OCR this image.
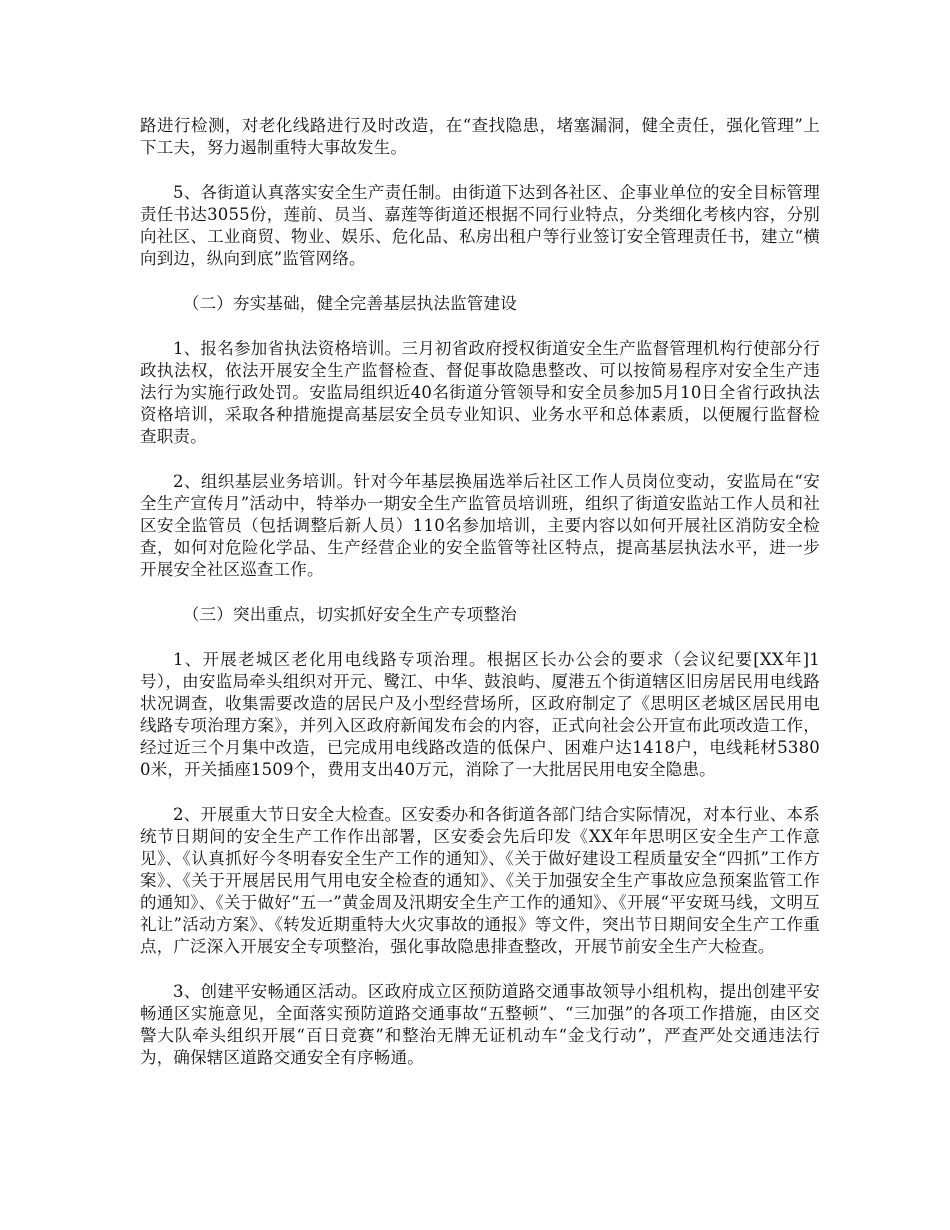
路进行检测，对老化线路进行及时改造，在“查找隐患，堵塞漏洞，健全责任，强化管理”上下工夫，努力遏制重特大事故发生。

5、各街道认真落实安全生产责任制。由街道下达到各社区、企事业单位的安全目标管理责任书达3055份，莲前、员当、嘉莲等街道还根据不同行业特点，分类细化考核内容，分别向社区、工业商贸、物业、娱乐、危化品、私房出租户等行业签订安全管理责任书，建立“横向到边，纵向到底”监管网络。

（二）夯实基础，健全完善基层执法监管建设

1、报名参加省执法资格培训。三月初省政府授权街道安全生产监督管理机构行使部分行政执法权，依法开展安全生产监督检查、督促事故隐患整改、可以按简易程序对安全生产违法行为实施行政处罚。安监局组织近40名街道分管领导和安全员参加5月10日全省行政执法资格培训，采取各种措施提高基层安全员专业知识、业务水平和总体素质，以便履行监督检查职责。

2、组织基层业务培训。针对今年基层换届选举后社区工作人员岗位变动，安监局在“安全生产宣传月”活动中，特举办一期安全生产监管员培训班，组织了街道安监站工作人员和社区安全监管员（包括调整后新人员）110名参加培训，主要内容以如何开展社区消防安全检查，如何对危险化学品、生产经营企业的安全监管等社区特点，提高基层执法水平，进一步开展安全社区巡查工作。

（三）突出重点，切实抓好安全生产专项整治

1、开展老城区老化用电线路专项治理。根据区长办公会的要求（会议纪要[XX年]1号），由安监局牵头组织对开元、鹭江、中华、鼓浪屿、厦港五个街道辖区旧房居民用电线路状况调查，收集需要改造的居民户及小型经营场所，区政府制定了《思明区老城区居民用电线路专项治理方案》，并列入区政府新闻发布会的内容，正式向社会公开宣布此项改造工作，经过近三个月集中改造，已完成用电线路改造的低保户、困难户达1418户，电线耗材53800米，开关插座1509个，费用支出40万元，消除了一大批居民用电安全隐患。

2、开展重大节日安全大检查。区安委办和各街道各部门结合实际情况，对本行业、本系统节日期间的安全生产工作作出部署，区安委会先后印发《XX年年思明区安全生产工作意见》、《认真抓好今冬明春安全生产工作的通知》、《关于做好建设工程质量安全“四抓”工作方案》、《关于开展居民用气用电安全检查的通知》、《关于加强安全生产事故应急预案监管工作的通知》、《关于做好“五一”黄金周及汛期安全生产工作的通知》、《开展“平安斑马线，文明互礼让”活动方案》、《转发近期重特大火灾事故的通报》等文件，突出节日期间安全生产工作重点，广泛深入开展安全专项整治，强化事故隐患排查整改，开展节前安全生产大检查。

3、创建平安畅通区活动。区政府成立区预防道路交通事故领导小组机构，提出创建平安畅通区实施意见，全面落实预防道路交通事故“五整顿”、“三加强”的各项工作措施，由区交警大队牵头组织开展“百日竞赛”和整治无牌无证机动车“金戈行动”，严查严处交通违法行为，确保辖区道路交通安全有序畅通。
